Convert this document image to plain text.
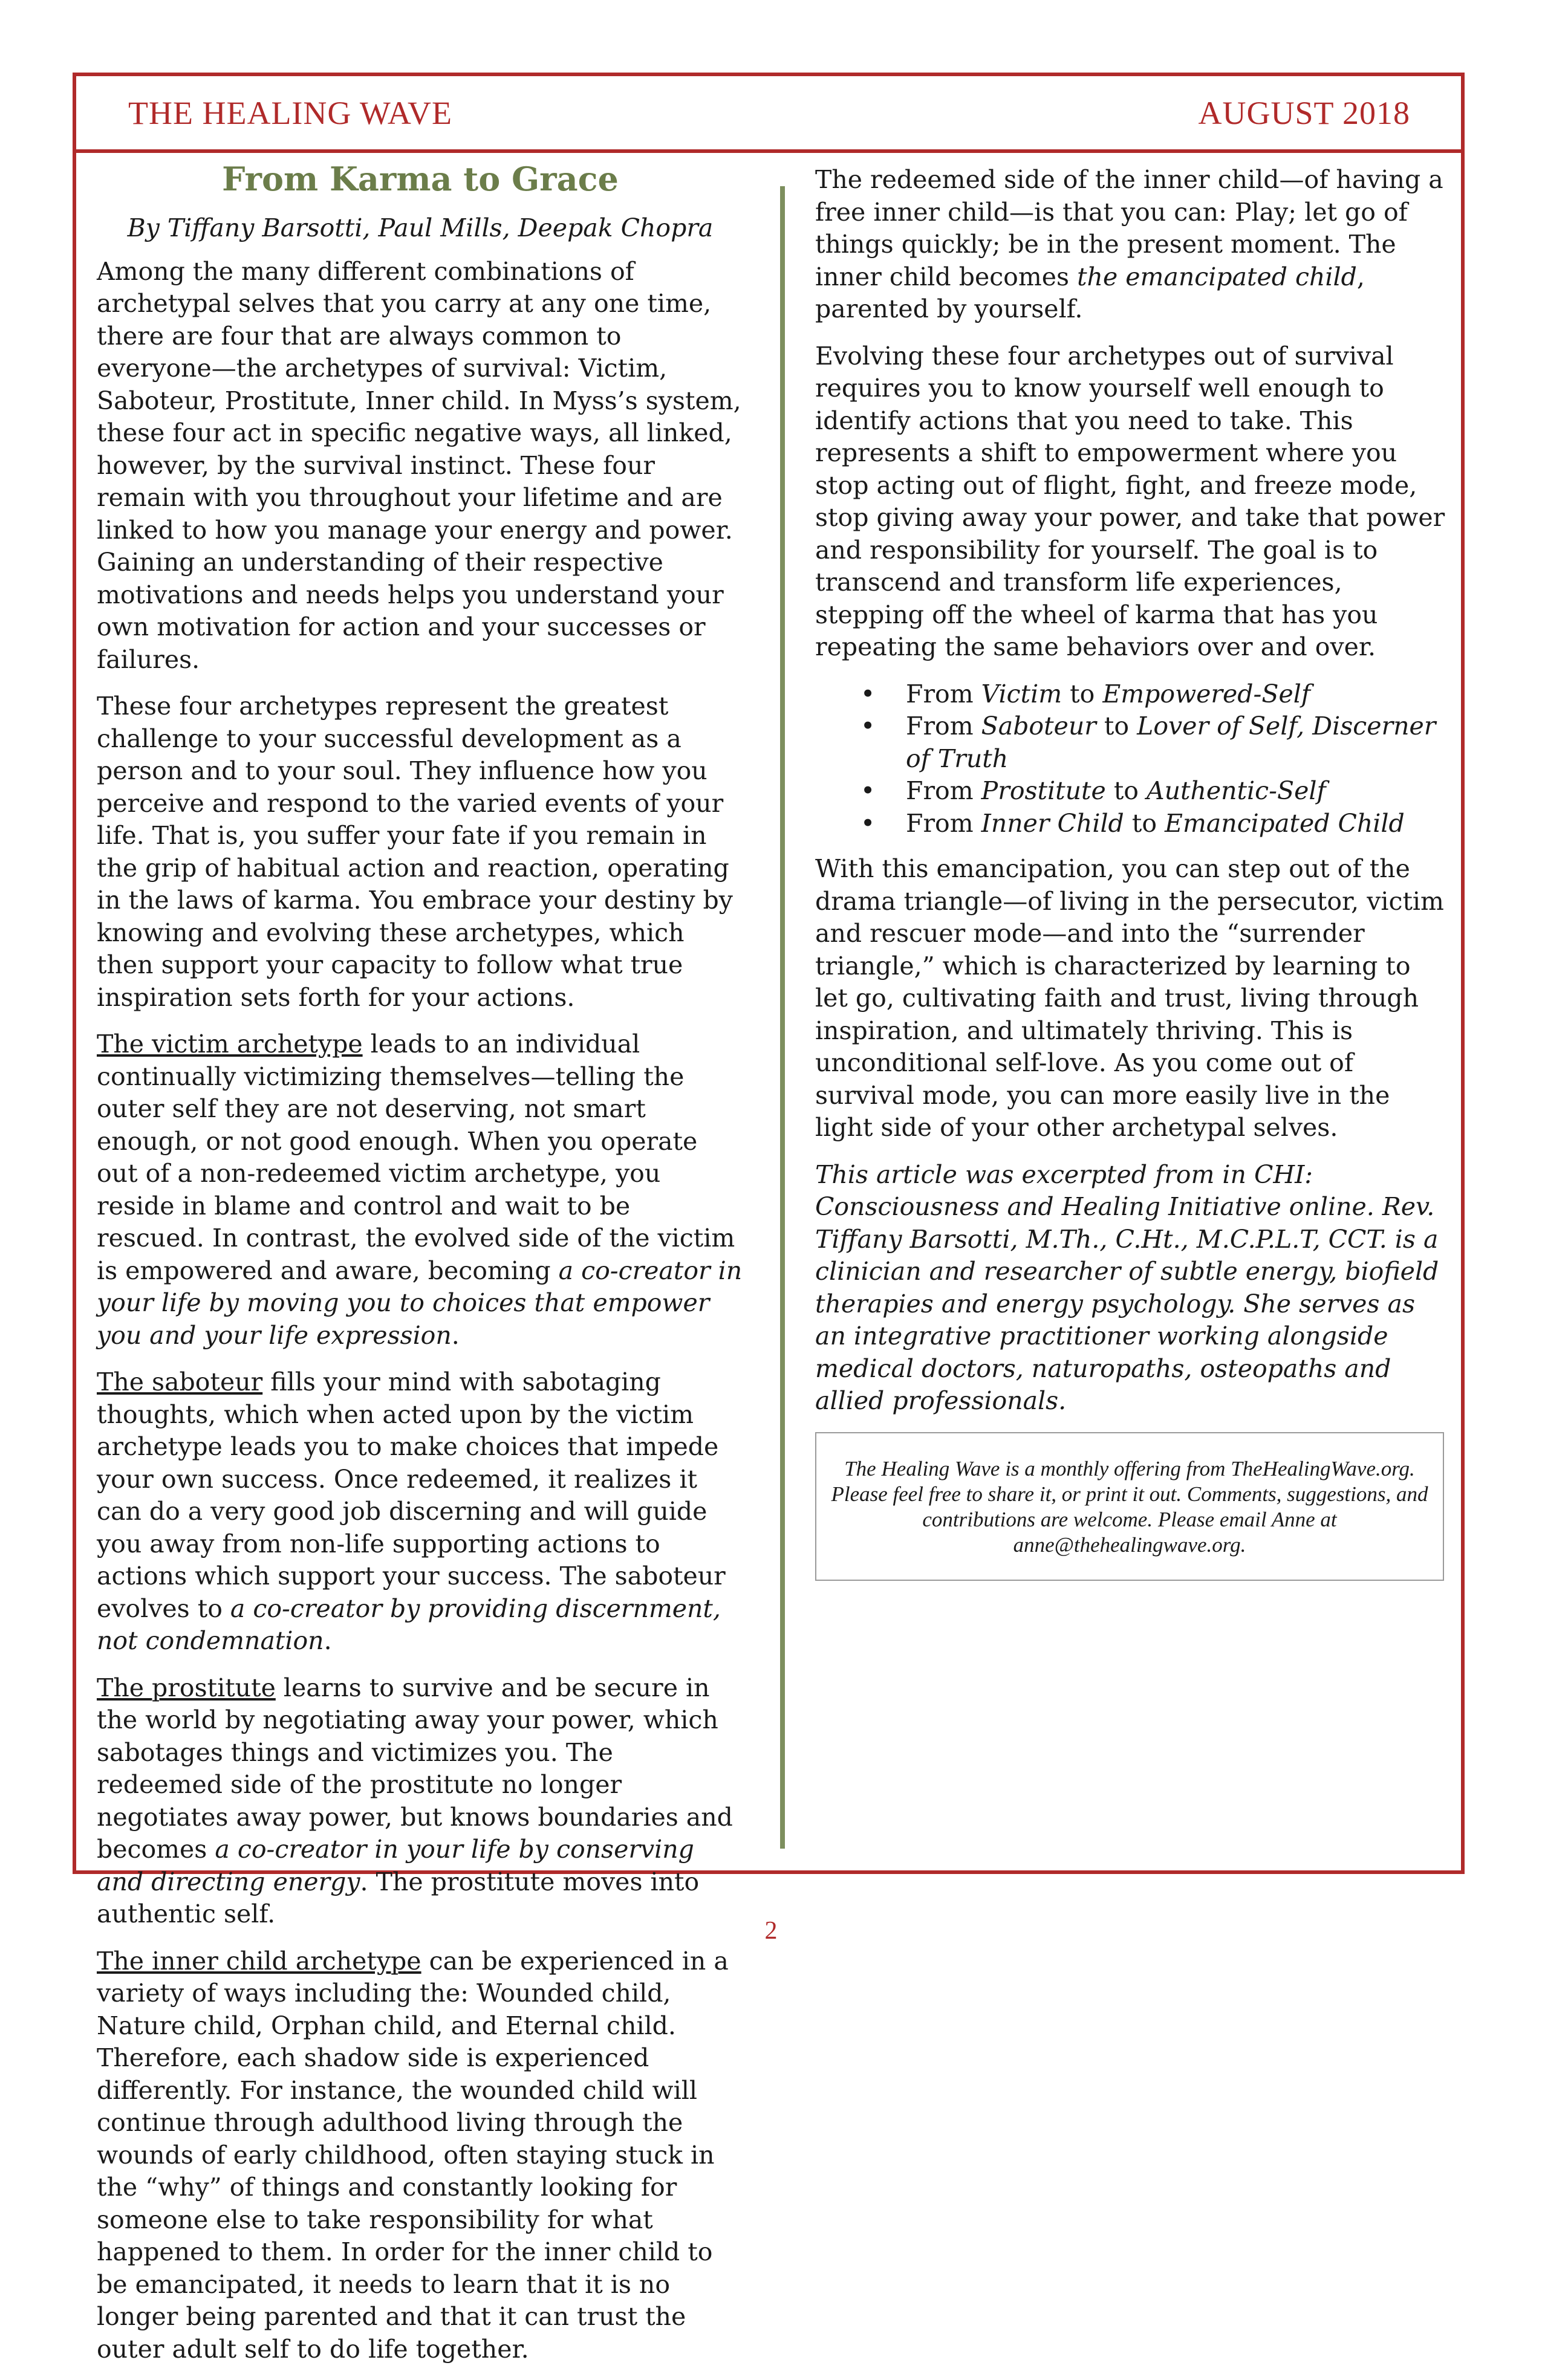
THE HEALING WAVE	AUGUST 2018
From Karma to Grace

By Tiffany Barsotti, Paul Mills, Deepak Chopra

Among the many different combinations of archetypal selves that you carry at any one time, there are four that are always common to everyone—the archetypes of survival: Victim, Saboteur, Prostitute, Inner child. In Myss’s system, these four act in specific negative ways, all linked, however, by the survival instinct. These four remain with you throughout your lifetime and are linked to how you manage your energy and power. Gaining an understanding of their respective motivations and needs helps you understand your own motivation for action and your successes or failures.

These four archetypes represent the greatest challenge to your successful development as a person and to your soul. They influence how you perceive and respond to the varied events of your life. That is, you suffer your fate if you remain in the grip of habitual action and reaction, operating in the laws of karma. You embrace your destiny by knowing and evolving these archetypes, which then support your capacity to follow what true inspiration sets forth for your actions.

The victim archetype leads to an individual continually victimizing themselves—telling the outer self they are not deserving, not smart enough, or not good enough. When you operate out of a non-redeemed victim archetype, you reside in blame and control and wait to be rescued. In contrast, the evolved side of the victim is empowered and aware, becoming a co-creator in your life by moving you to choices that empower you and your life expression.

The saboteur fills your mind with sabotaging thoughts, which when acted upon by the victim archetype leads you to make choices that impede your own success. Once redeemed, it realizes it can do a very good job discerning and will guide you away from non-life supporting actions to actions which support your success. The saboteur evolves to a co-creator by providing discernment, not condemnation.

The prostitute learns to survive and be secure in the world by negotiating away your power, which sabotages things and victimizes you. The redeemed side of the prostitute no longer negotiates away power, but knows boundaries and becomes a co-creator in your life by conserving and directing energy. The prostitute moves into authentic self.

The inner child archetype can be experienced in a variety of ways including the: Wounded child, Nature child, Orphan child, and Eternal child. Therefore, each shadow side is experienced differently. For instance, the wounded child will continue through adulthood living through the wounds of early childhood, often staying stuck in the “why” of things and constantly looking for someone else to take responsibility for what happened to them. In order for the inner child to be emancipated, it needs to learn that it is no longer being parented and that it can trust the outer adult self to do life together.

The redeemed side of the inner child—of having a free inner child—is that you can: Play; let go of things quickly; be in the present moment. The inner child becomes the emancipated child, parented by yourself.

Evolving these four archetypes out of survival requires you to know yourself well enough to identify actions that you need to take. This represents a shift to empowerment where you stop acting out of flight, fight, and freeze mode, stop giving away your power, and take that power and responsibility for yourself. The goal is to transcend and transform life experiences, stepping off the wheel of karma that has you repeating the same behaviors over and over.

• From Victim to Empowered-Self
• From Saboteur to Lover of Self, Discerner of Truth
• From Prostitute to Authentic-Self
• From Inner Child to Emancipated Child

With this emancipation, you can step out of the drama triangle—of living in the persecutor, victim and rescuer mode—and into the “surrender triangle,” which is characterized by learning to let go, cultivating faith and trust, living through inspiration, and ultimately thriving. This is unconditional self-love. As you come out of survival mode, you can more easily live in the light side of your other archetypal selves.

This article was excerpted from in CHI: Consciousness and Healing Initiative online. Rev. Tiffany Barsotti, M.Th., C.Ht., M.C.P.L.T, CCT. is a clinician and researcher of subtle energy, biofield therapies and energy psychology. She serves as an integrative practitioner working alongside medical doctors, naturopaths, osteopaths and allied professionals.

The Healing Wave is a monthly offering from TheHealingWave.org. Please feel free to share it, or print it out. Comments, suggestions, and contributions are welcome. Please email Anne at anne@thehealingwave.org.
2
